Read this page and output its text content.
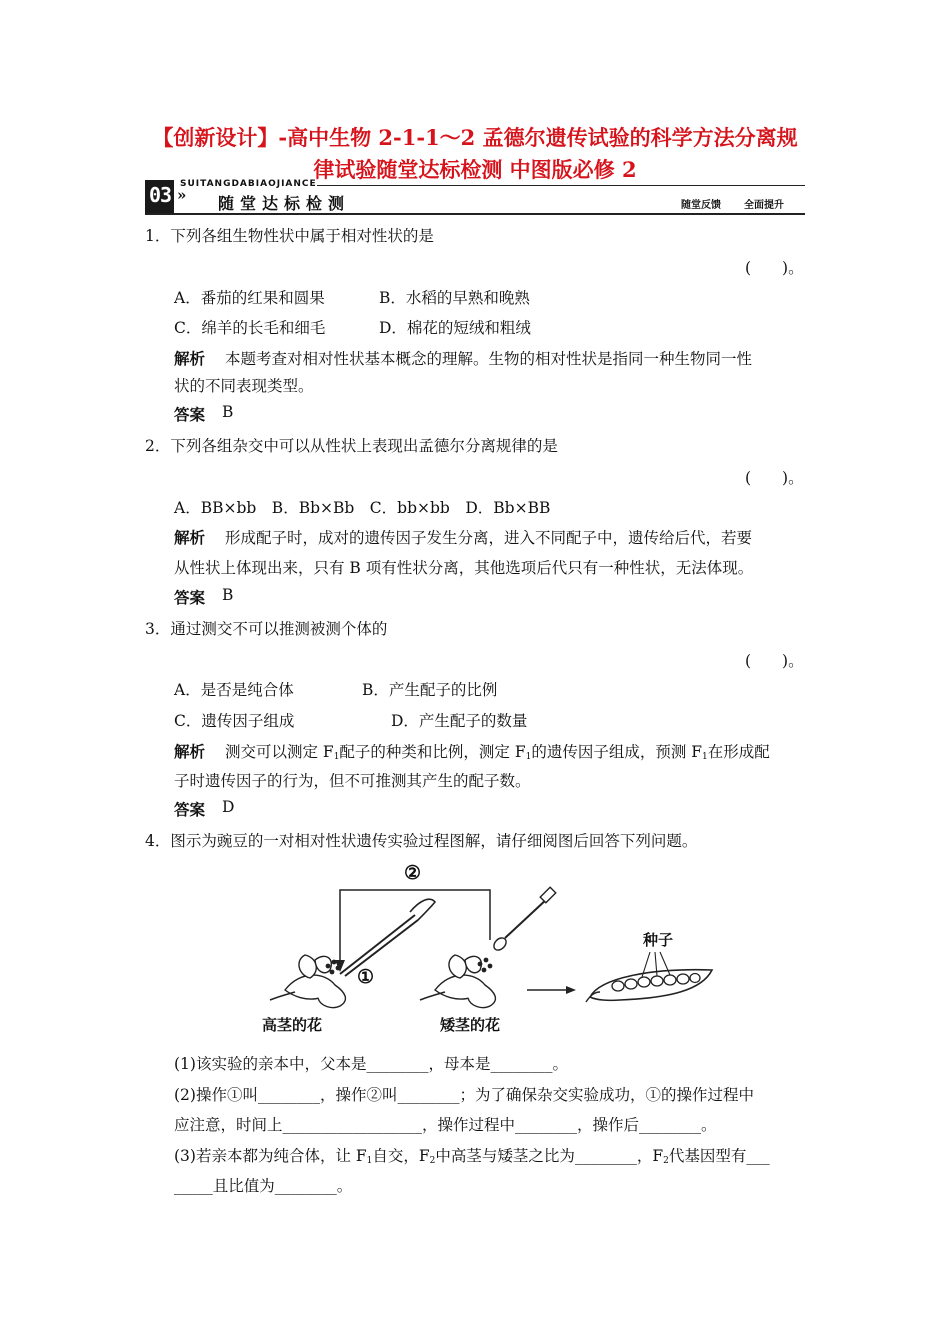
【创新设计】-高中生物 2-1-1～2 孟德尔遗传试验的科学方法分离规
律试验随堂达标检测 中图版必修 2
03 »
SUITANGDABIAOJIANCE
随堂达标检测	随堂反馈 全面提升
1．下列各组生物性状中属于相对性状的是
(　　)。
A．番茄的红果和圆果	B．水稻的早熟和晚熟
C．绵羊的长毛和细毛	D．棉花的短绒和粗绒
解析 本题考查对相对性状基本概念的理解。生物的相对性状是指同一种生物同一性
状的不同表现类型。
答案 B
2．下列各组杂交中可以从性状上表现出孟德尔分离规律的是
(　　)。
A．BB×bb　B．Bb×Bb　C．bb×bb　D．Bb×BB
解析 形成配子时，成对的遗传因子发生分离，进入不同配子中，遗传给后代，若要
从性状上体现出来，只有 B 项有性状分离，其他选项后代只有一种性状，无法体现。
答案 B
3．通过测交不可以推测被测个体的
(　　)。
A．是否是纯合体	B．产生配子的比例
C．遗传因子组成	D．产生配子的数量
解析 测交可以测定 $F_1$配子的种类和比例，测定 $F_1$的遗传因子组成，预测 $F_1$在形成配
子时遗传因子的行为，但不可推测其产生的配子数。
答案 D
4．图示为豌豆的一对相对性状遗传实验过程图解，请仔细阅图后回答下列问题。
②
①
种子
高茎的花	矮茎的花
(1)该实验的亲本中，父本是________，母本是________。
(2)操作①叫________，操作②叫________；为了确保杂交实验成功，①的操作过程中
应注意，时间上__________________，操作过程中________，操作后________。
(3)若亲本都为纯合体，让 $F_1$自交，$F_2$中高茎与矮茎之比为________，$F_2$代基因型有___
_____且比值为________。
